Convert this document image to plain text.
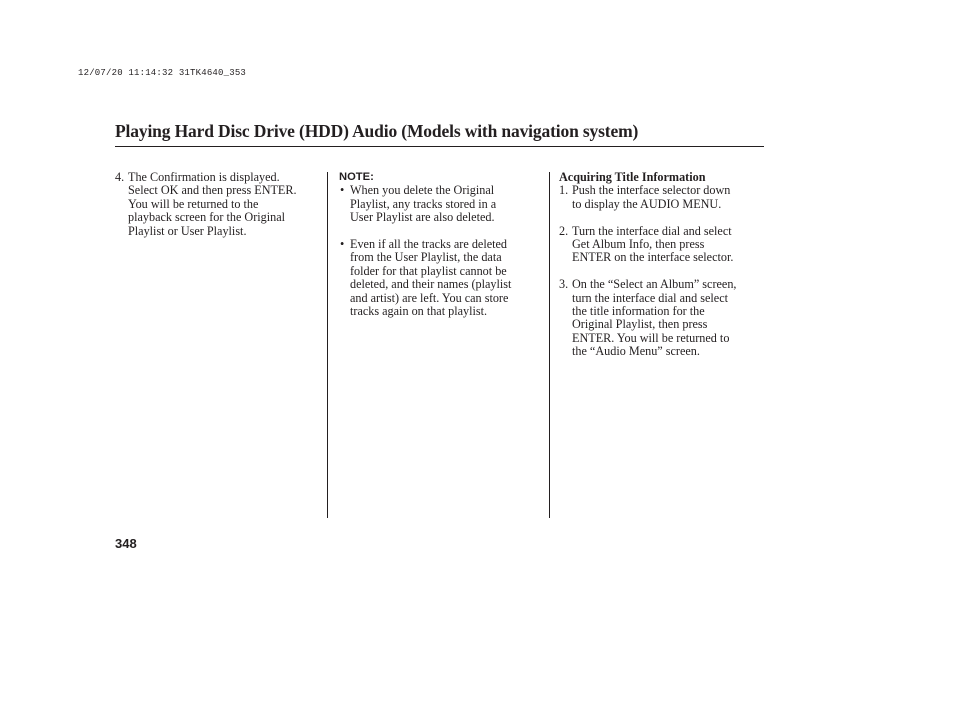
12/07/20 11:14:32 31TK4640_353
Playing Hard Disc Drive (HDD) Audio (Models with navigation system)
4. The Confirmation is displayed.
Select OK and then press ENTER.
You will be returned to the
playback screen for the Original
Playlist or User Playlist.
NOTE:
• When you delete the Original
Playlist, any tracks stored in a
User Playlist are also deleted.
• Even if all the tracks are deleted
from the User Playlist, the data
folder for that playlist cannot be
deleted, and their names (playlist
and artist) are left. You can store
tracks again on that playlist.
Acquiring Title Information
1. Push the interface selector down
to display the AUDIO MENU.
2. Turn the interface dial and select
Get Album Info, then press
ENTER on the interface selector.
3. On the “Select an Album” screen,
turn the interface dial and select
the title information for the
Original Playlist, then press
ENTER. You will be returned to
the “Audio Menu” screen.
348
